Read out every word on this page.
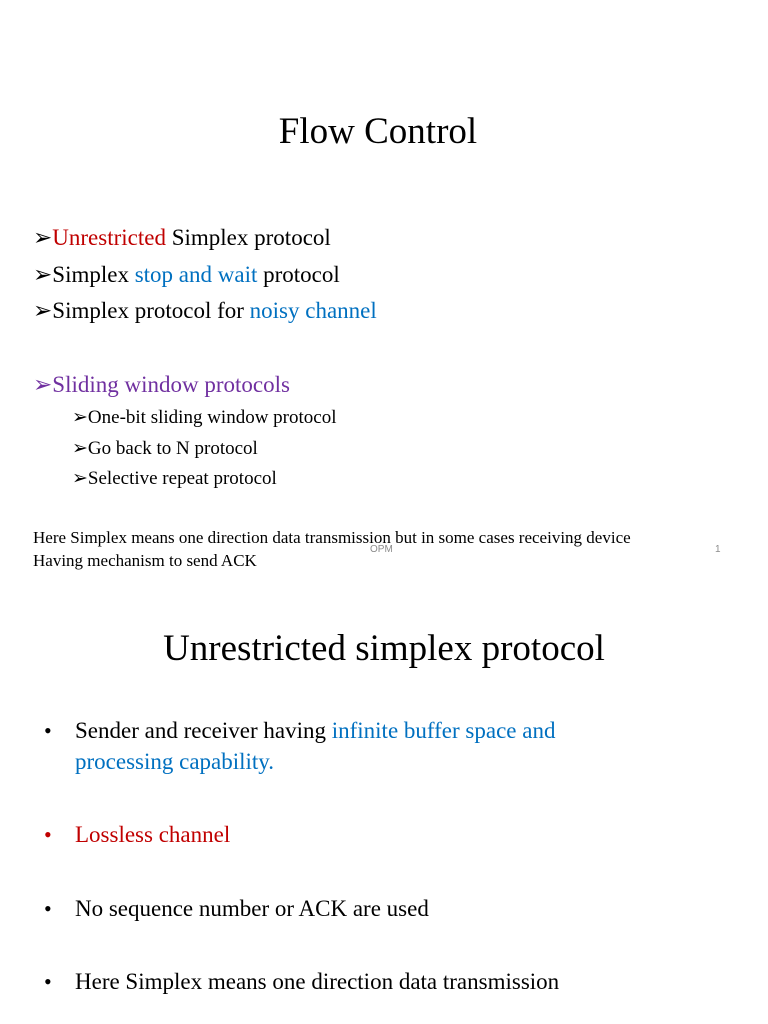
Flow Control
➢Unrestricted Simplex protocol
➢Simplex stop and wait protocol
➢Simplex protocol for noisy channel
➢Sliding window protocols
➢One-bit sliding window protocol
➢Go back to N protocol
➢Selective repeat protocol
Here Simplex means one direction data transmission but in some cases receiving device
Having mechanism to send ACK
OPM	1
Unrestricted simplex protocol
• Sender and receiver having infinite buffer space and
processing capability.
• Lossless channel
• No sequence number or ACK are used
• Here Simplex means one direction data transmission
